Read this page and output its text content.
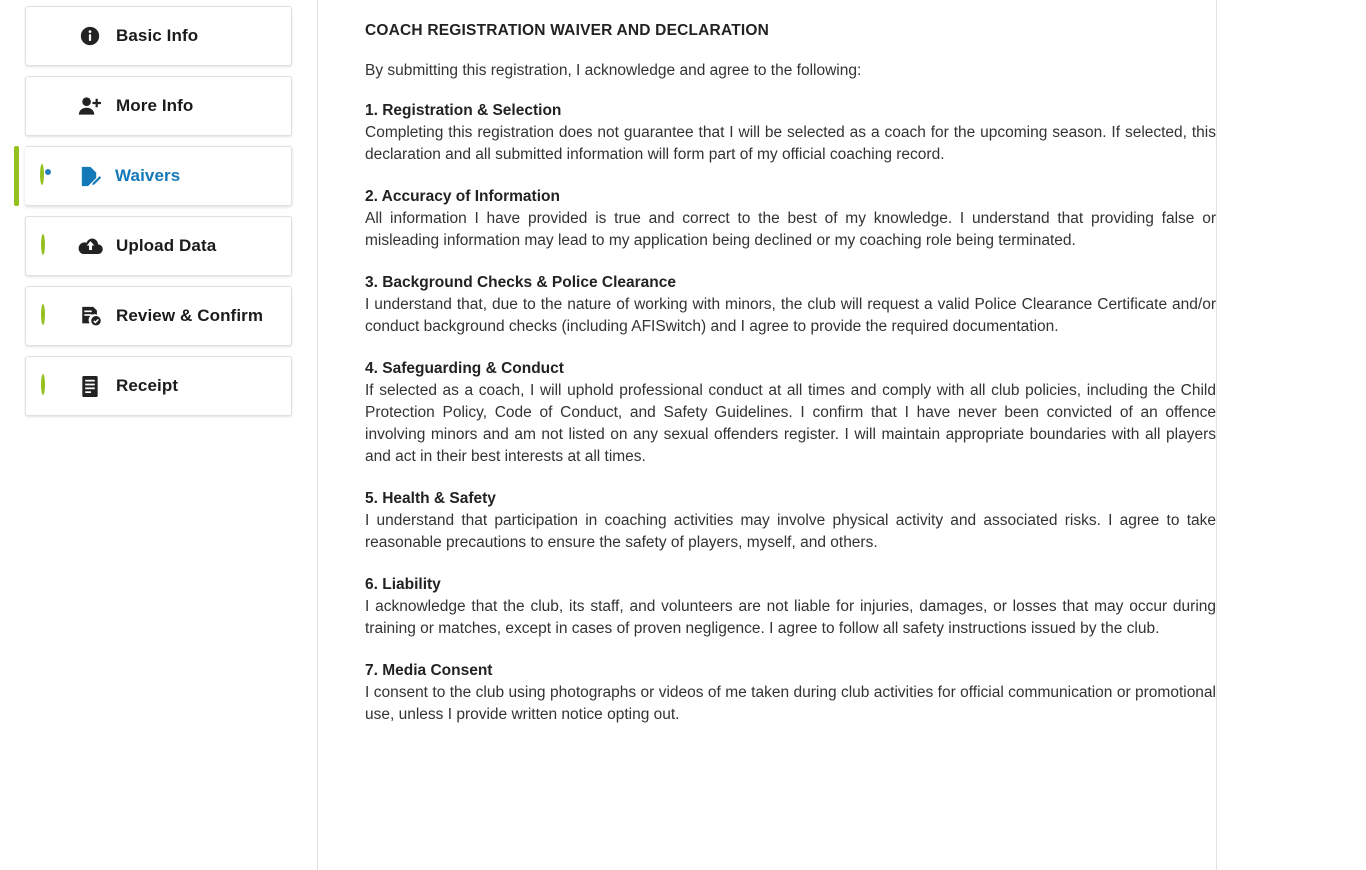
Basic Info
More Info
Waivers
Upload Data
Review & Confirm
Receipt
COACH REGISTRATION WAIVER AND DECLARATION

By submitting this registration, I acknowledge and agree to the following:

1. Registration & Selection

Completing this registration does not guarantee that I will be selected as a coach for the upcoming season. If selected, this declaration and all submitted information will form part of my official coaching record.

2. Accuracy of Information

All information I have provided is true and correct to the best of my knowledge. I understand that providing false or misleading information may lead to my application being declined or my coaching role being terminated.

3. Background Checks & Police Clearance

I understand that, due to the nature of working with minors, the club will request a valid Police Clearance Certificate and/or conduct background checks (including AFISwitch) and I agree to provide the required documentation.

4. Safeguarding & Conduct

If selected as a coach, I will uphold professional conduct at all times and comply with all club policies, including the Child Protection Policy, Code of Conduct, and Safety Guidelines. I confirm that I have never been convicted of an offence involving minors and am not listed on any sexual offenders register. I will maintain appropriate boundaries with all players and act in their best interests at all times.

5. Health & Safety

I understand that participation in coaching activities may involve physical activity and associated risks. I agree to take reasonable precautions to ensure the safety of players, myself, and others.

6. Liability

I acknowledge that the club, its staff, and volunteers are not liable for injuries, damages, or losses that may occur during training or matches, except in cases of proven negligence. I agree to follow all safety instructions issued by the club.

7. Media Consent

I consent to the club using photographs or videos of me taken during club activities for official communication or promotional use, unless I provide written notice opting out.
